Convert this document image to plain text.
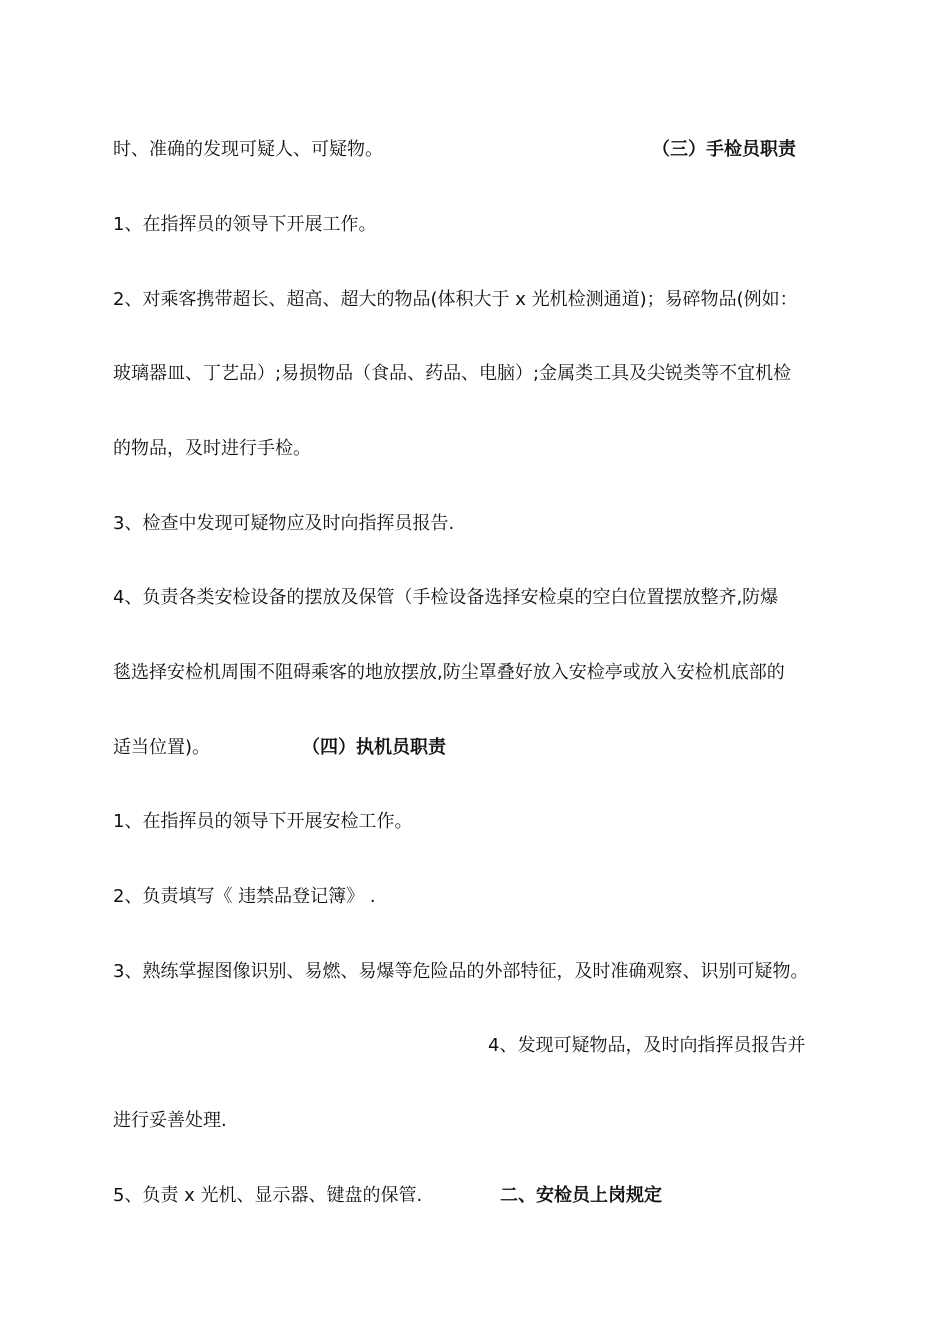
时、准确的发现可疑人、可疑物。	（三）手检员职责
1、在指挥员的领导下开展工作。
2、对乘客携带超长、超高、超大的物品(体积大于 x 光机检测通道)；易碎物品(例如：
玻璃器皿、丁艺品）;易损物品（食品、药品、电脑）;金属类工具及尖锐类等不宜机检
的物品，及时进行手检。
3、检查中发现可疑物应及时向指挥员报告.
4、负责各类安检设备的摆放及保管（手检设备选择安检桌的空白位置摆放整齐,防爆
毯选择安检机周围不阻碍乘客的地放摆放,防尘罩叠好放入安检亭或放入安检机底部的
适当位置)。	（四）执机员职责
1、在指挥员的领导下开展安检工作。
2、负责填写《 违禁品登记簿》 .
3、熟练掌握图像识别、易燃、易爆等危险品的外部特征，及时准确观察、识别可疑物。
4、发现可疑物品，及时向指挥员报告并
进行妥善处理.
5、负责 x 光机、显示器、键盘的保管.	二、安检员上岗规定
